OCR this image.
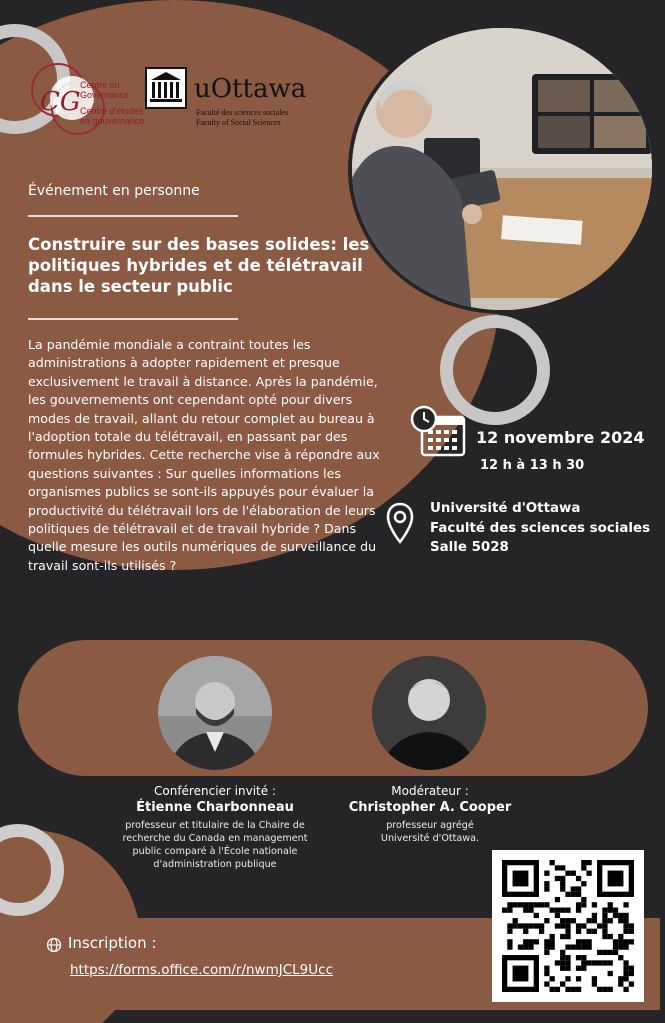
CG
Centre on
Governance
Centre d'études
en gouvernance
uOttawa
Faculté des sciences sociales
Faculty of Social Sciences
Événement en personne
Construire sur des bases solides: les politiques hybrides et de télétravail dans le secteur public
La pandémie mondiale a contraint toutes les administrations à adopter rapidement et presque exclusivement le travail à distance. Après la pandémie, les gouvernements ont cependant opté pour divers modes de travail, allant du retour complet au bureau à l'adoption totale du télétravail, en passant par des formules hybrides. Cette recherche vise à répondre aux questions suivantes : Sur quelles informations les organismes publics se sont-ils appuyés pour évaluer la productivité du télétravail lors de l'élaboration de leurs politiques de télétravail et de travail hybride ? Dans quelle mesure les outils numériques de surveillance du travail sont-ils utilisés ?
12 novembre 2024
12 h à 13 h 30
Université d'Ottawa
Faculté des sciences sociales
Salle 5028
Conférencier invité :
Étienne Charbonneau
professeur et titulaire de la Chaire de recherche du Canada en management public comparé à l'École nationale d'administration publique
Modérateur :
Christopher A. Cooper
professeur agrégé
Université d'Ottawa.
Inscription :
https://forms.office.com/r/nwmJCL9Ucc
